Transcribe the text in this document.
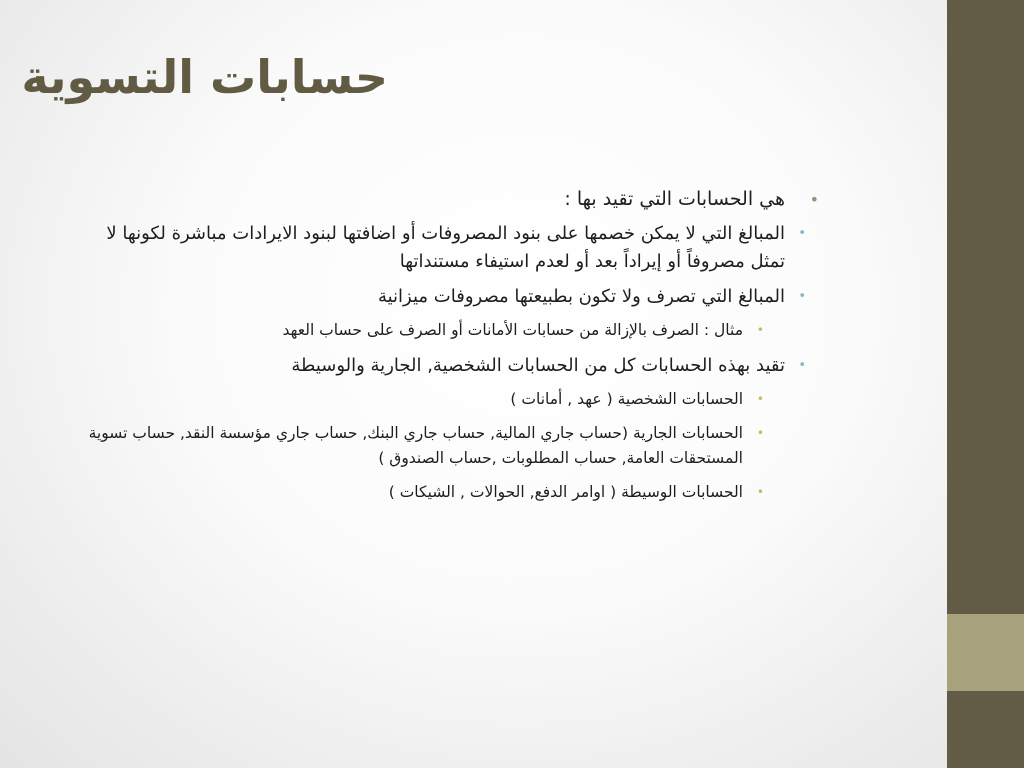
حسابات التسوية

•
هي الحسابات التي تقيد بها :

•
المبالغ التي لا يمكن خصمها على بنود المصروفات أو اضافتها لبنود الايرادات مباشرة لكونها لا تمثل مصروفاً أو إيراداً بعد أو لعدم استيفاء مستنداتها

•
المبالغ التي تصرف ولا تكون بطبيعتها مصروفات ميزانية

•
مثال : الصرف بالإزالة من حسابات الأمانات أو الصرف على حساب العهد

•
تقيد بهذه الحسابات كل من الحسابات الشخصية, الجارية والوسيطة

•
الحسابات الشخصية ( عهد , أمانات )

•
الحسابات الجارية (حساب جاري المالية, حساب جاري البنك, حساب جاري مؤسسة النقد, حساب تسوية المستحقات العامة, حساب المطلوبات ,حساب الصندوق )

•
الحسابات الوسيطة ( اوامر الدفع, الحوالات , الشيكات )
